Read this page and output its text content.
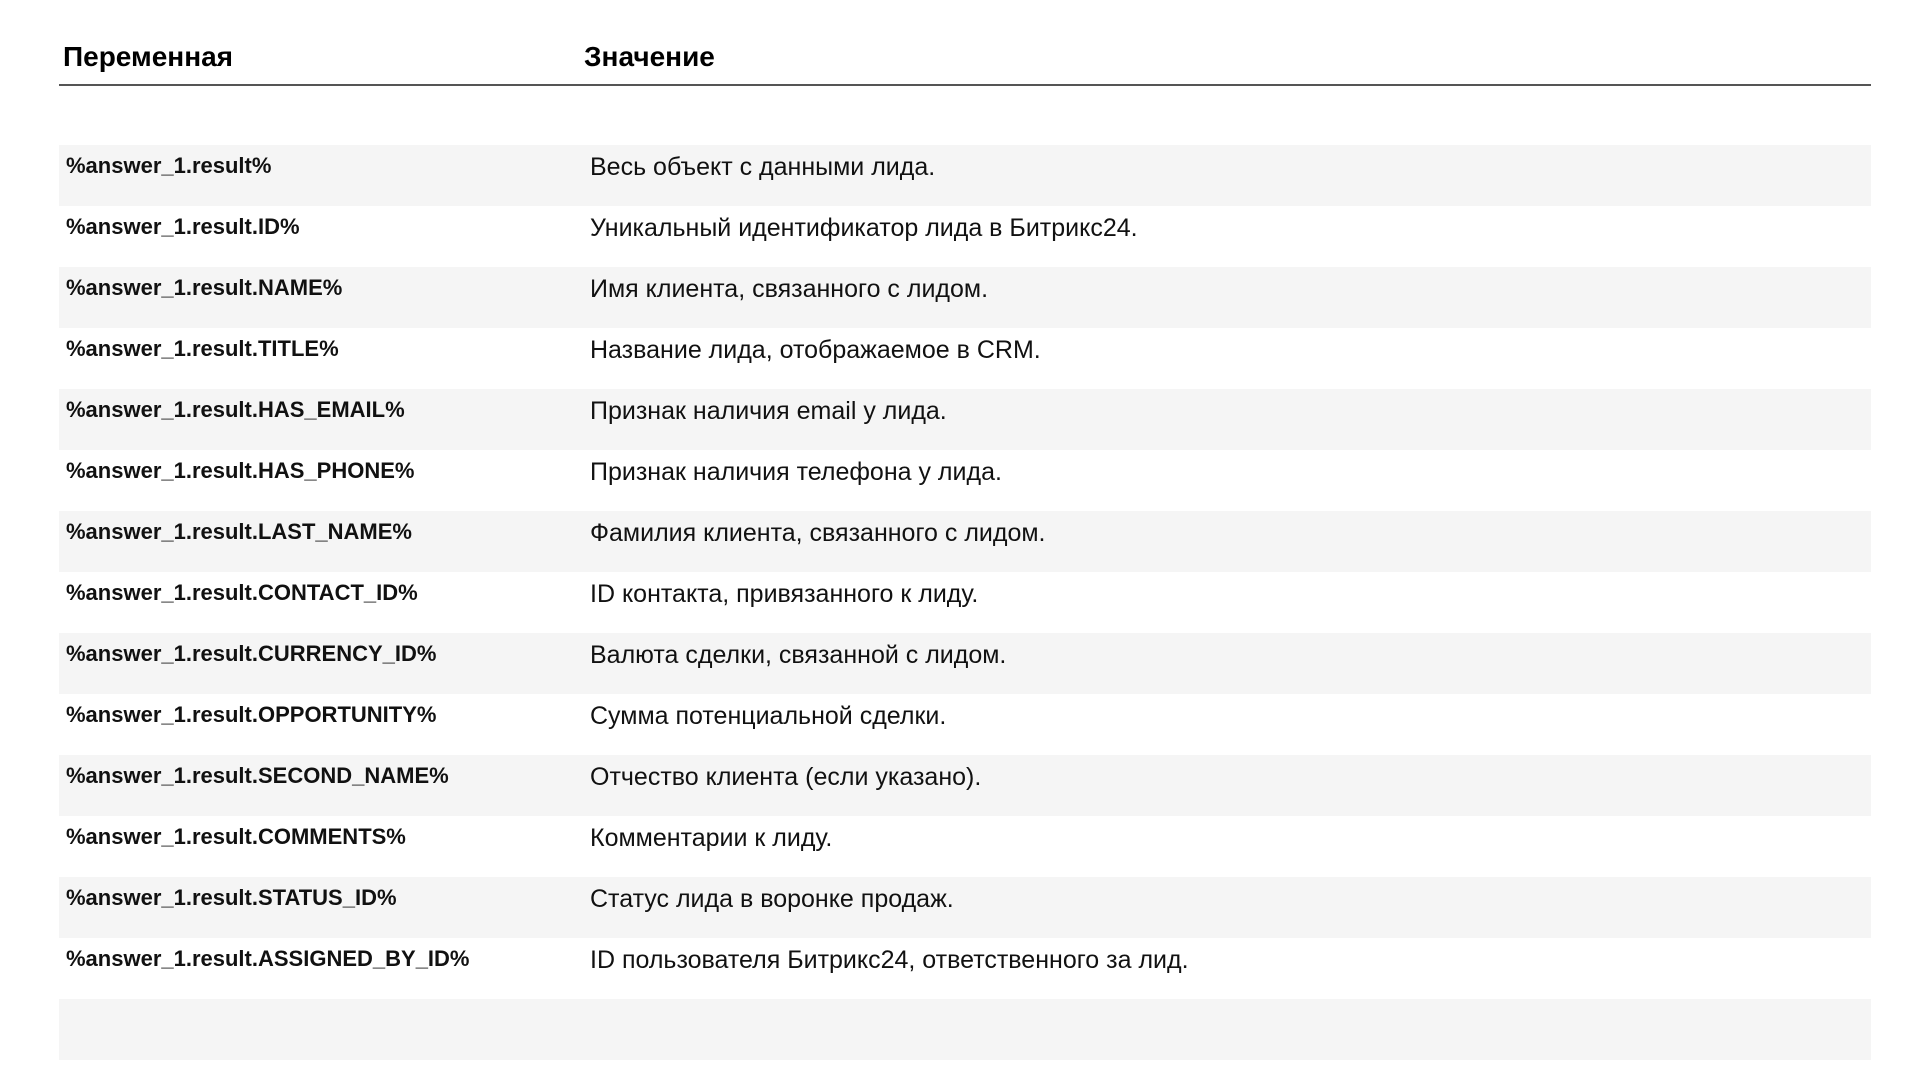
Переменная	Значение
%answer_1.result%	Весь объект с данными лида.
%answer_1.result.ID%	Уникальный идентификатор лида в Битрикс24.
%answer_1.result.NAME%	Имя клиента, связанного с лидом.
%answer_1.result.TITLE%	Название лида, отображаемое в CRM.
%answer_1.result.HAS_EMAIL%	Признак наличия email у лида.
%answer_1.result.HAS_PHONE%	Признак наличия телефона у лида.
%answer_1.result.LAST_NAME%	Фамилия клиента, связанного с лидом.
%answer_1.result.CONTACT_ID%	ID контакта, привязанного к лиду.
%answer_1.result.CURRENCY_ID%	Валюта сделки, связанной с лидом.
%answer_1.result.OPPORTUNITY%	Сумма потенциальной сделки.
%answer_1.result.SECOND_NAME%	Отчество клиента (если указано).
%answer_1.result.COMMENTS%	Комментарии к лиду.
%answer_1.result.STATUS_ID%	Статус лида в воронке продаж.
%answer_1.result.ASSIGNED_BY_ID%	ID пользователя Битрикс24, ответственного за лид.
